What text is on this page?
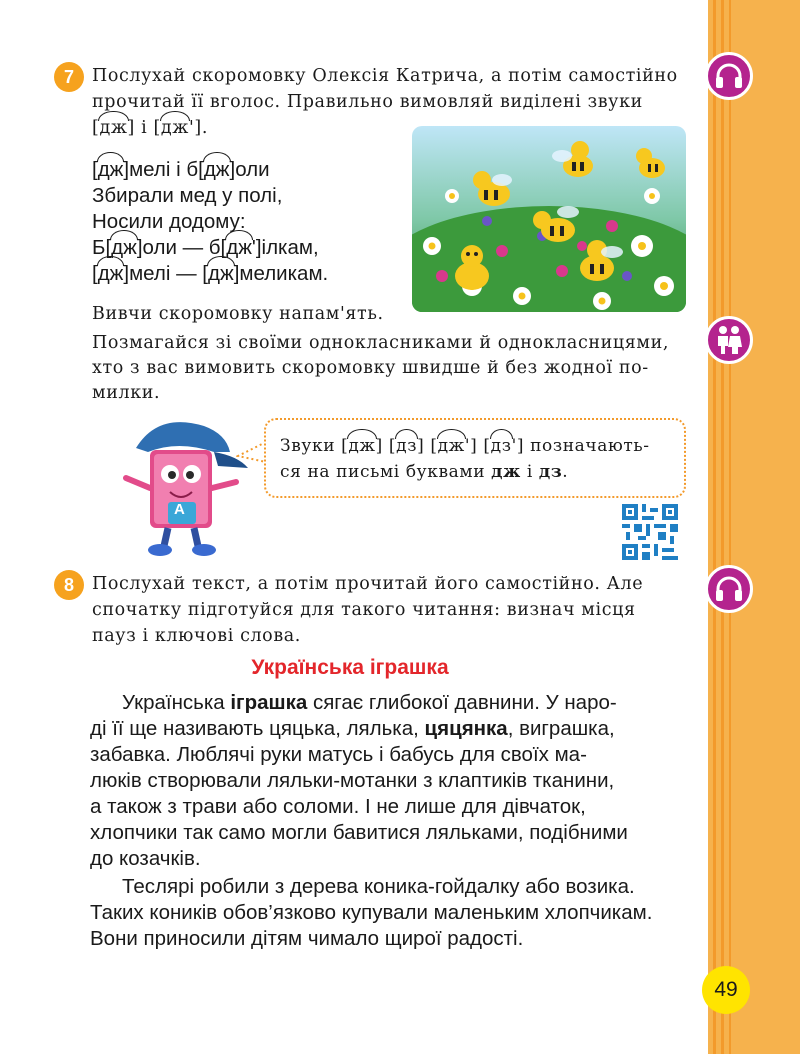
7	Послухай скоромовку Олексія Катрича, а потім самостійно
прочитай її вголос. Правильно вимовляй виділені звуки
[
дж] і [
дж'].
[
дж]мелі і б[
дж]оли
Збирали мед у полі,
Носили додому:
Б[
дж]оли — б[
дж']ілкам,
[
дж]мелі — [
дж]меликам.
Вивчи скоромовку напам'ять.
Позмагайся зі своїми однокласниками й однокласницями,
хто з вас вимовить скоромовку швидше й без жодної по-
милки.
А
Звуки [
дж] [
дз] [
дж'] [
дз'] позначають-
ся на письмі буквами дж і дз.
8	Послухай текст, а потім прочитай його самостійно. Але
спочатку підготуйся для такого читання: визнач місця
пауз і ключові слова.
Українська іграшка
Українська іграшка сягає глибокої давнини. У наро-
ді її ще називають цяцька, лялька, цяцянка, виграшка,
забавка. Люблячі руки матусь і бабусь для своїх ма-
люків створювали ляльки-мотанки з клаптиків тканини,
а також з трави або соломи. І не лише для дівчаток,
хлопчики так само могли бавитися ляльками, подібними
до козачків.
Теслярі робили з дерева коника-гойдалку або возика.
Таких коників обов’язково купували маленьким хлопчикам.
Вони приносили дітям чимало щирої радості.
49
